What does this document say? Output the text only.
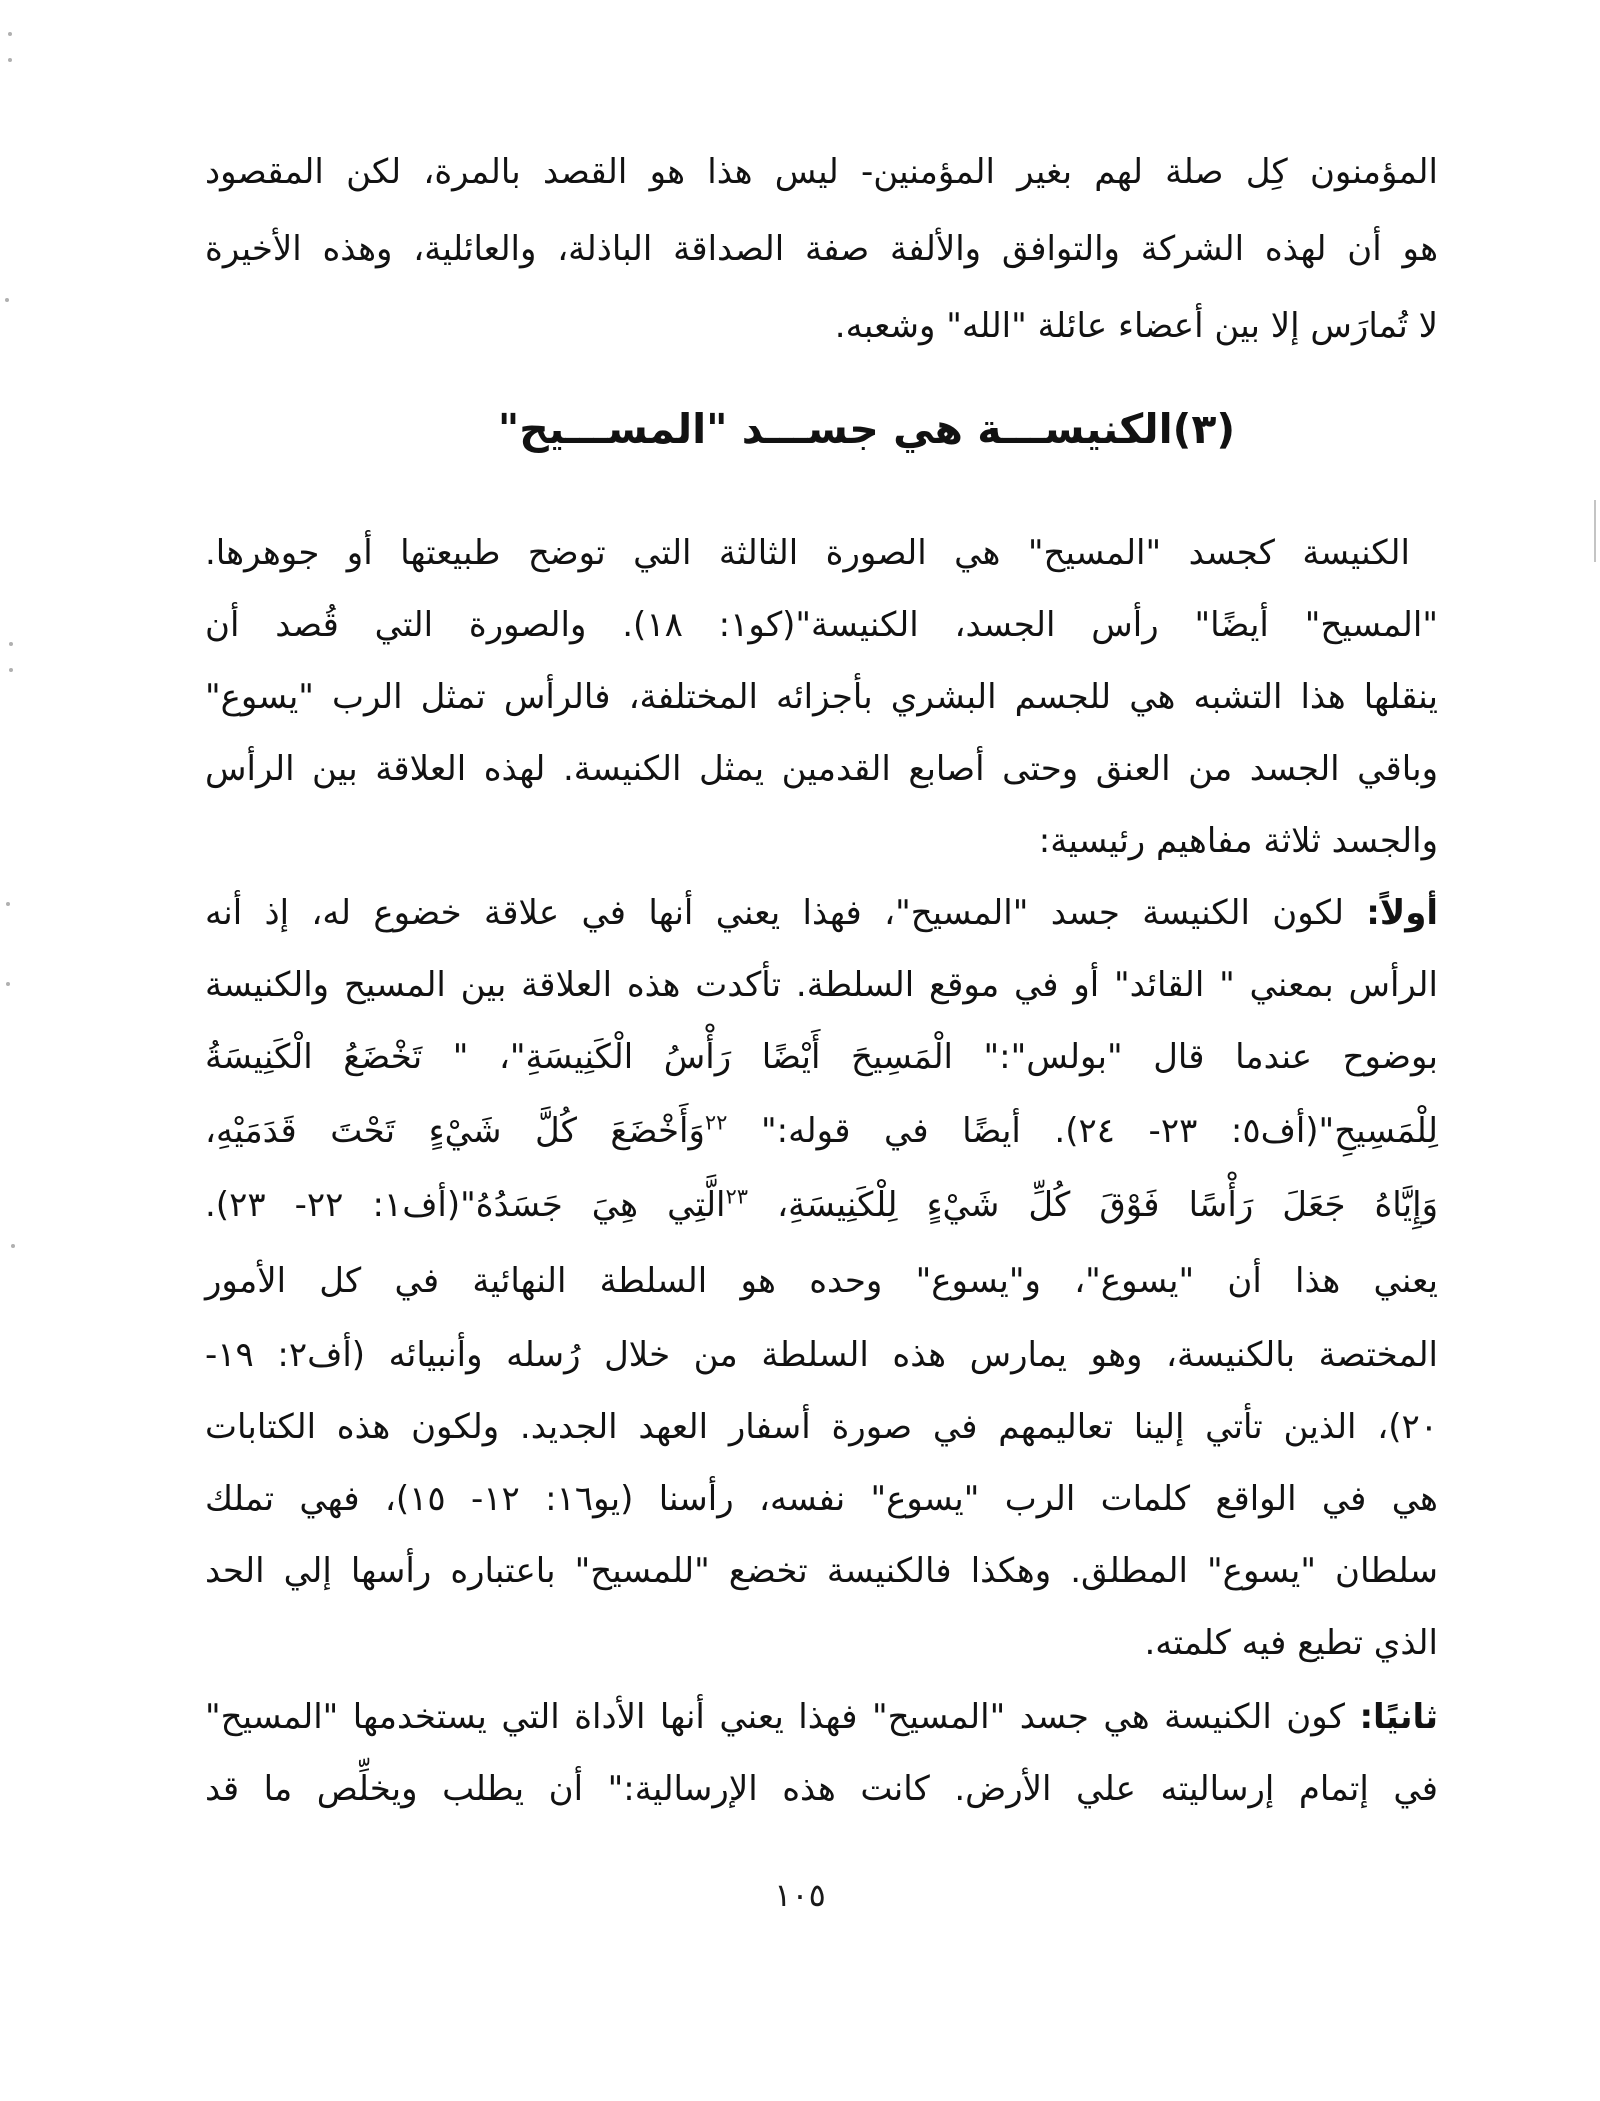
المؤمنون كِل صلة لهم بغير المؤمنين- ليس هذا هو القصد بالمرة، لكن المقصود

هو أن لهذه الشركة والتوافق والألفة صفة الصداقة الباذلة، والعائلية، وهذه الأخيرة

لا تُمارَس إلا بين أعضاء عائلة "الله" وشعبه.

(٣)الكنيســـة هي جســـد "المســـيح"

الكنيسة كجسد "المسيح" هي الصورة الثالثة التي توضح طبيعتها أو جوهرها.

"المسيح" أيضًا" رأس الجسد، الكنيسة"(كو١: ١٨). والصورة التي قُصد أن

ينقلها هذا التشبه هي للجسم البشري بأجزائه المختلفة، فالرأس تمثل الرب "يسوع"

وباقي الجسد من العنق وحتى أصابع القدمين يمثل الكنيسة. لهذه العلاقة بين الرأس

والجسد ثلاثة مفاهيم رئيسية:

أولاً: لكون الكنيسة جسد "المسيح"، فهذا يعني أنها في علاقة خضوع له، إذ أنه

الرأس بمعني " القائد" أو في موقع السلطة. تأكدت هذه العلاقة بين المسيح والكنيسة

بوضوح عندما قال "بولس":" الْمَسِيحَ أَيْضًا رَأْسُ الْكَنِيسَةِ"، " تَخْضَعُ الْكَنِيسَةُ

لِلْمَسِيحِ"(أف٥: ٢٣- ٢٤). أيضًا في قوله:" $^{٢٢}$وَأَخْضَعَ كُلَّ شَيْءٍ تَحْتَ قَدَمَيْهِ،

وَإِيَّاهُ جَعَلَ رَأْسًا فَوْقَ كُلِّ شَيْءٍ لِلْكَنِيسَةِ، $^{٢٣}$الَّتِي هِيَ جَسَدُهُ"(أف١: ٢٢- ٢٣).

يعني هذا أن "يسوع"، و"يسوع" وحده هو السلطة النهائية في كل الأمور

المختصة بالكنيسة، وهو يمارس هذه السلطة من خلال رُسله وأنبيائه (أف٢: ١٩-

٢٠)، الذين تأتي إلينا تعاليمهم في صورة أسفار العهد الجديد. ولكون هذه الكتابات

هي في الواقع كلمات الرب "يسوع" نفسه، رأسنا (يو١٦: ١٢- ١٥)، فهي تملك

سلطان "يسوع" المطلق. وهكذا فالكنيسة تخضع "للمسيح" باعتباره رأسها إلي الحد

الذي تطيع فيه كلمته.

ثانيًا: كون الكنيسة هي جسد "المسيح" فهذا يعني أنها الأداة التي يستخدمها "المسيح"

في إتمام إرساليته علي الأرض. كانت هذه الإرسالية:" أن يطلب ويخلِّص ما قد

١٠٥
